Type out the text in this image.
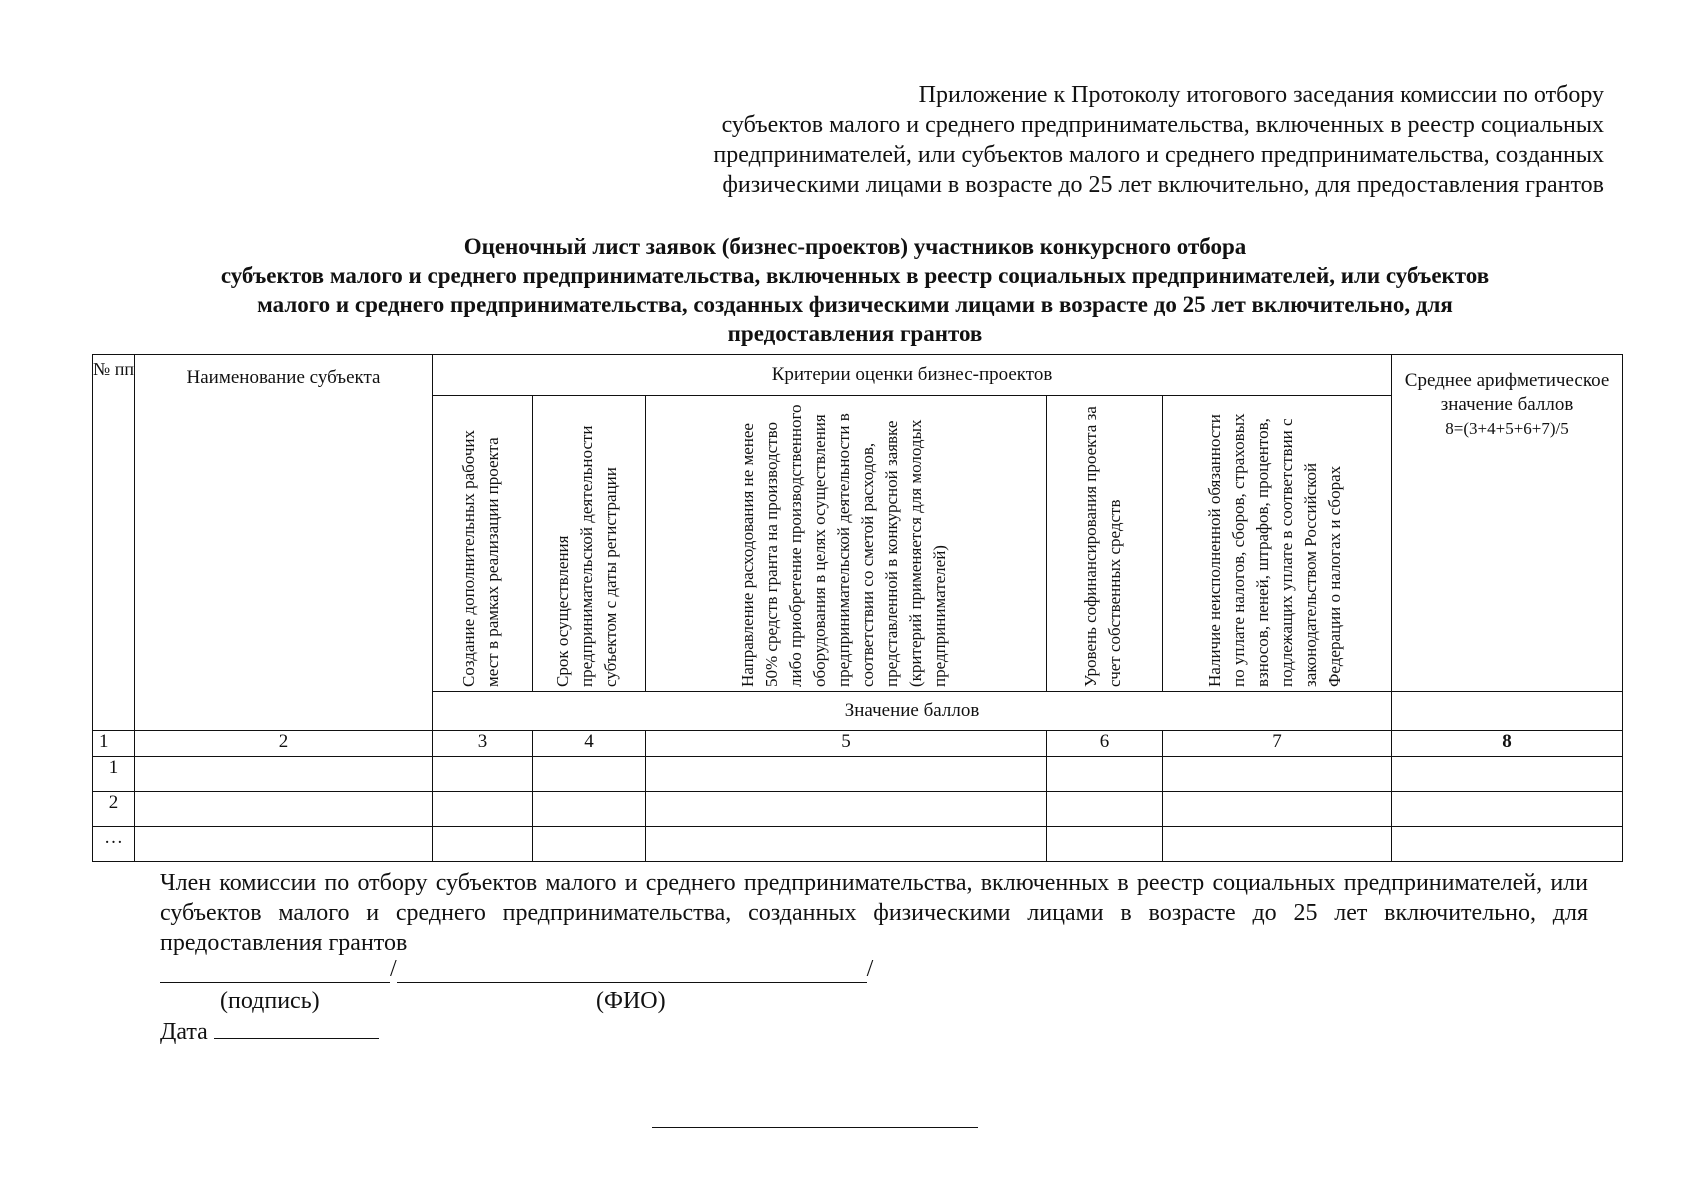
Приложение к Протоколу итогового заседания комиссии по отбору
субъектов малого и среднего предпринимательства, включенных в реестр социальных
предпринимателей, или субъектов малого и среднего предпринимательства, созданных
физическими лицами в возрасте до 25 лет включительно, для предоставления грантов
Оценочный лист заявок (бизнес-проектов) участников конкурсного отбора
субъектов малого и среднего предпринимательства, включенных в реестр социальных предпринимателей, или субъектов
малого и среднего предпринимательства, созданных физическими лицами в возрасте до 25 лет включительно, для
предоставления грантов
№ пп	Наименование субъекта	Критерии оценки бизнес-проектов					Среднее арифметическое значение баллов
8=(3+4+5+6+7)/5

		Создание дополнительных рабочих мест в рамках реализации проекта	Срок осуществления предпринимательской деятельности субъектом с даты регистрации	Направление расходования не менее 50% средств гранта на производство либо приобретение производственного оборудования в целях осуществления предпринимательской деятельности в соответствии со сметой расходов, представленной в конкурсной заявке (критерий применяется для молодых предпринимателей)	Уровень софинансирования проекта за счет собственных средств	Наличие неисполненной обязанности по уплате налогов, сборов, страховых взносов, пеней, штрафов, процентов, подлежащих уплате в соответствии с законодательством Российской Федерации о налогах и сборах	

		Значение баллов					
1	2	3	4	5	6	7	8
1							
2							
…							
Член комиссии по отбору субъектов малого и среднего предпринимательства, включенных в реестр социальных предпринимателей, или субъектов малого и среднего предпринимательства, созданных физическими лицами в возрасте до 25 лет включительно, для предоставления грантов
/	/
(подпись)	(ФИО)
Дата
